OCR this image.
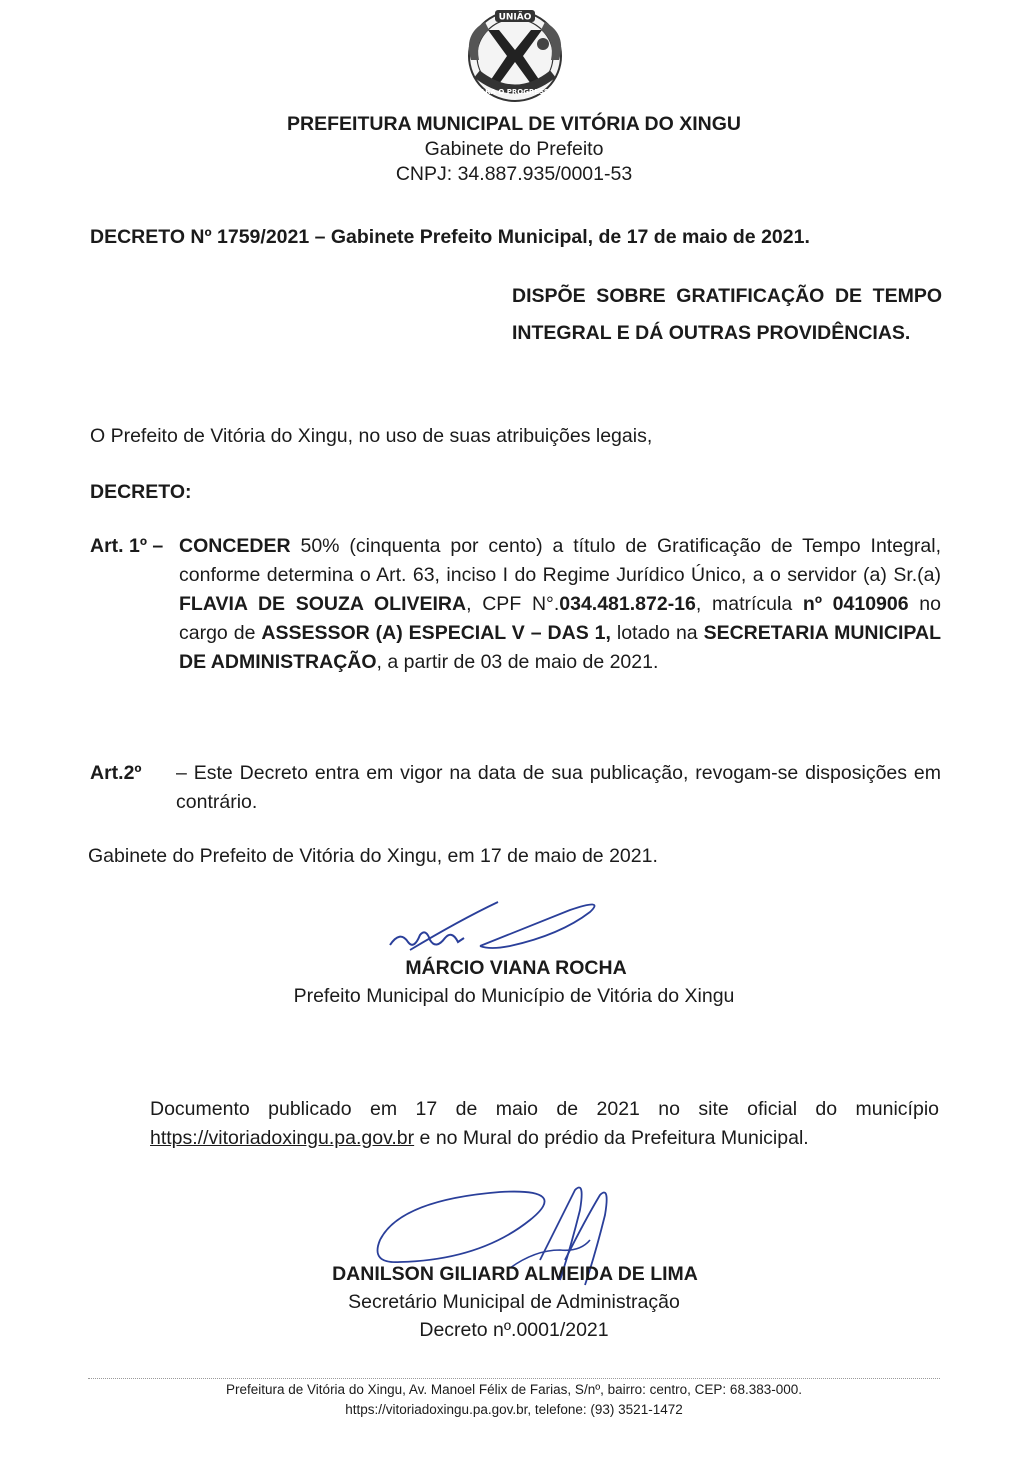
UNIÃO
PARA O PROGRESSO
PREFEITURA MUNICIPAL DE VITÓRIA DO XINGU
Gabinete do Prefeito
CNPJ: 34.887.935/0001-53
DECRETO Nº 1759/2021 – Gabinete Prefeito Municipal, de 17 de maio de 2021.
DISPÕE SOBRE GRATIFICAÇÃO DE TEMPO INTEGRAL E DÁ OUTRAS PROVIDÊNCIAS.
O Prefeito de Vitória do Xingu, no uso de suas atribuições legais,
DECRETO:
Art. 1º – CONCEDER 50% (cinquenta por cento) a título de Gratificação de Tempo Integral, conforme determina o Art. 63, inciso I do Regime Jurídico Único, a o servidor (a) Sr.(a) FLAVIA DE SOUZA OLIVEIRA, CPF N°.034.481.872-16, matrícula nº 0410906 no cargo de ASSESSOR (A) ESPECIAL V – DAS 1, lotado na SECRETARIA MUNICIPAL DE ADMINISTRAÇÃO, a partir de 03 de maio de 2021.
Art.2º – Este Decreto entra em vigor na data de sua publicação, revogam-se disposições em contrário.
Gabinete do Prefeito de Vitória do Xingu, em 17 de maio de 2021.
MÁRCIO VIANA ROCHA
Prefeito Municipal do Município de Vitória do Xingu
Documento publicado em 17 de maio de 2021 no site oficial do município https://vitoriadoxingu.pa.gov.br e no Mural do prédio da Prefeitura Municipal.
DANILSON GILIARD ALMEIDA DE LIMA
Secretário Municipal de Administração
Decreto nº.0001/2021
Prefeitura de Vitória do Xingu, Av. Manoel Félix de Farias, S/nº, bairro: centro, CEP: 68.383-000.
https://vitoriadoxingu.pa.gov.br, telefone: (93) 3521-1472
